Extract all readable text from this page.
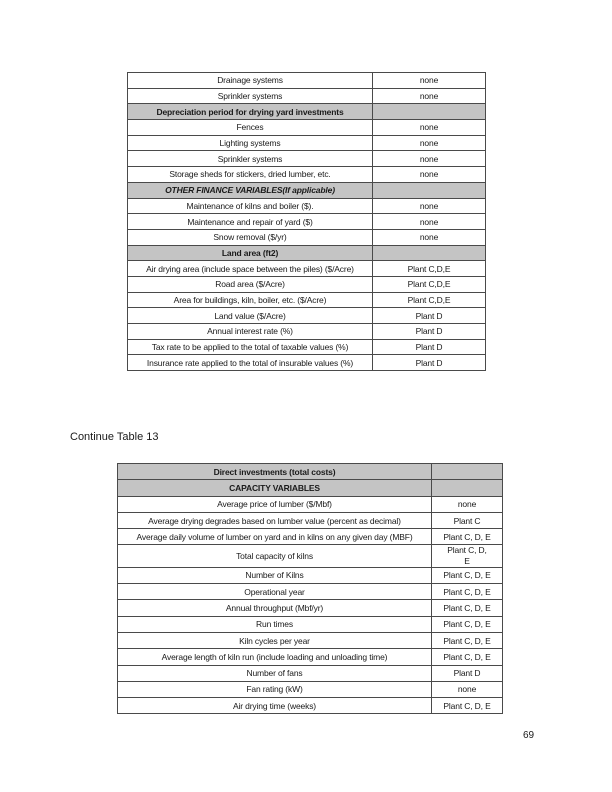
Drainage systems	none
Sprinkler systems	none
Depreciation period for drying yard investments	
Fences	none
Lighting systems	none
Sprinkler systems	none
Storage sheds for stickers, dried lumber, etc.	none
OTHER FINANCE VARIABLES(If applicable)	
Maintenance of kilns and boiler ($).	none
Maintenance and repair of yard ($)	none
Snow removal ($/yr)	none
Land area (ft2)	
Air drying area (include space between the piles) ($/Acre)	Plant C,D,E
Road area ($/Acre)	Plant C,D,E
Area for buildings, kiln, boiler, etc. ($/Acre)	Plant C,D,E
Land value ($/Acre)	Plant D
Annual interest rate (%)	Plant D
Tax rate to be applied to the total of taxable values (%)	Plant D
Insurance rate applied to the total of insurable values (%)	Plant D
Continue Table 13
Direct investments (total costs)	
CAPACITY VARIABLES	
Average price of lumber ($/Mbf)	none
Average drying degrades based on lumber value (percent as decimal)	Plant C
Average daily volume of lumber on yard and in kilns on any given day (MBF)	Plant C, D, E
Total capacity of kilns	Plant C, D, E
Number of Kilns	Plant C, D, E
Operational year	Plant C, D, E
Annual throughput (Mbf/yr)	Plant C, D, E
Run times	Plant C, D, E
Kiln cycles per year	Plant C, D, E
Average length of kiln run (include loading and unloading time)	Plant C, D, E
Number of fans	Plant D
Fan rating (kW)	none
Air drying time (weeks)	Plant C, D, E
69
